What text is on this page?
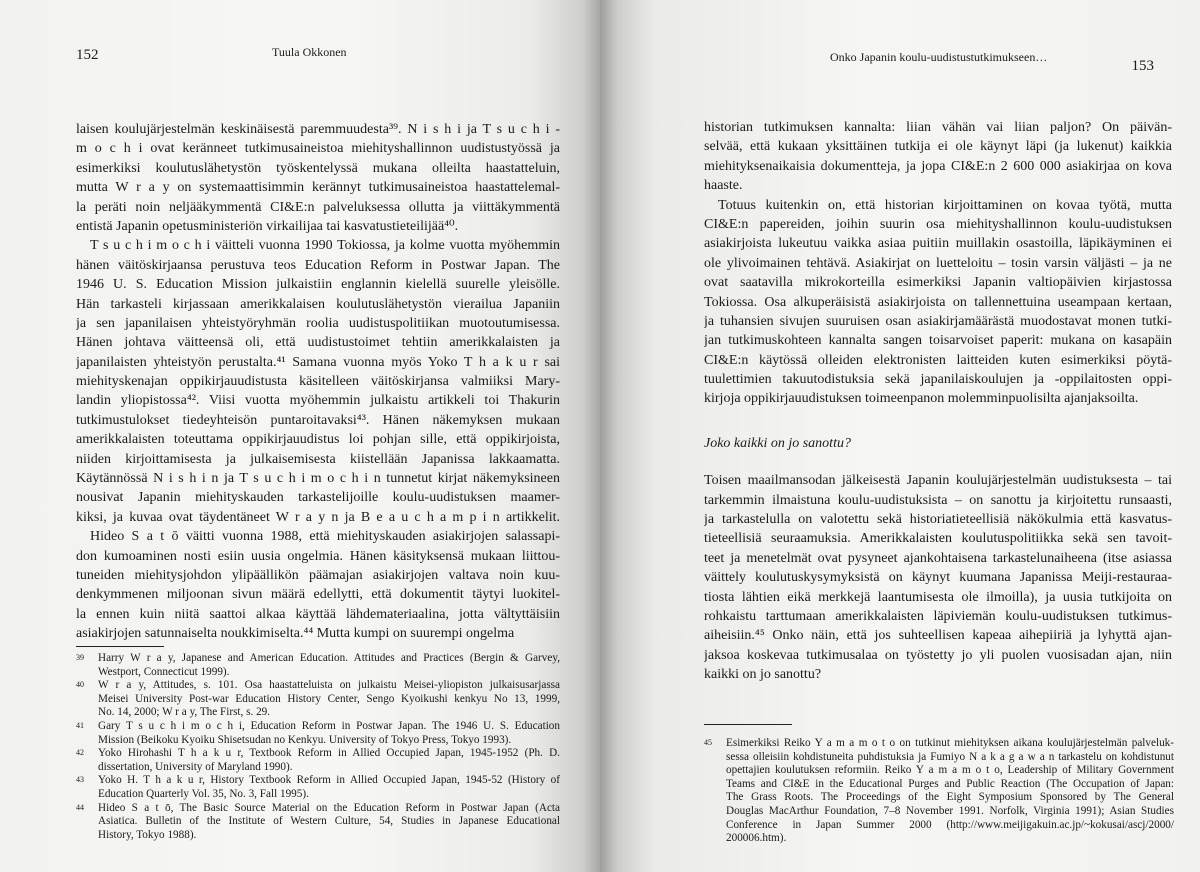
152	Tuula Okkonen
laisen koulujärjestelmän keskinäisestä paremmuudesta³⁹. N i s h i ja T s u c h i -
m o c h i ovat keränneet tutkimusaineistoa miehityshallinnon uudistustyössä ja
esimerkiksi koulutuslähetystön työskentelyssä mukana olleilta haastatteluin,
mutta W r a y on systemaattisimmin kerännyt tutkimusaineistoa haastattelemal-
la peräti noin neljääkymmentä CI&E:n palveluksessa ollutta ja viittäkymmentä
entistä Japanin opetusministeriön virkailijaa tai kasvatustieteilijää⁴⁰.
T s u c h i m o c h i väitteli vuonna 1990 Tokiossa, ja kolme vuotta myöhemmin
hänen väitöskirjaansa perustuva teos Education Reform in Postwar Japan. The
1946 U. S. Education Mission julkaistiin englannin kielellä suurelle yleisölle.
Hän tarkasteli kirjassaan amerikkalaisen koulutuslähetystön vierailua Japaniin
ja sen japanilaisen yhteistyöryhmän roolia uudistuspolitiikan muotoutumisessa.
Hänen johtava väitteensä oli, että uudistustoimet tehtiin amerikkalaisten ja
japanilaisten yhteistyön perustalta.⁴¹ Samana vuonna myös Yoko T h a k u r sai
miehityskenajan oppikirjauudistusta käsitelleen väitöskirjansa valmiiksi Mary-
landin yliopistossa⁴². Viisi vuotta myöhemmin julkaistu artikkeli toi Thakurin
tutkimustulokset tiedeyhteisön puntaroitavaksi⁴³. Hänen näkemyksen mukaan
amerikkalaisten toteuttama oppikirjauudistus loi pohjan sille, että oppikirjoista,
niiden kirjoittamisesta ja julkaisemisesta kiistellään Japanissa lakkaamatta.
Käytännössä N i s h i n ja T s u c h i m o c h i n tunnetut kirjat näkemyksineen
nousivat Japanin miehityskauden tarkastelijoille koulu-uudistuksen maamer-
kiksi, ja kuvaa ovat täydentäneet W r a y n ja B e a u c h a m p i n artikkelit.
Hideo S a t ō väitti vuonna 1988, että miehityskauden asiakirjojen salassapi-
don kumoaminen nosti esiin uusia ongelmia. Hänen käsityksensä mukaan liittou-
tuneiden miehitysjohdon ylipäällikön päämajan asiakirjojen valtava noin kuu-
denkymmenen miljoonan sivun määrä edellytti, että dokumentit täytyi luokitel-
la ennen kuin niitä saattoi alkaa käyttää lähdemateriaalina, jotta vältyttäisiin
asiakirjojen satunnaiselta noukkimiselta.⁴⁴ Mutta kumpi on suurempi ongelma
39	Harry W r a y, Japanese and American Education. Attitudes and Practices (Bergin & Garvey,
Westport, Connecticut 1999).
40	W r a y, Attitudes, s. 101. Osa haastatteluista on julkaistu Meisei-yliopiston julkaisusarjassa
Meisei University Post-war Education History Center, Sengo Kyoikushi kenkyu No 13, 1999,
No. 14, 2000; W r a y, The First, s. 29.
41	Gary T s u c h i m o c h i, Education Reform in Postwar Japan. The 1946 U. S. Education
Mission (Beikoku Kyoiku Shisetsudan no Kenkyu. University of Tokyo Press, Tokyo 1993).
42	Yoko Hirohashi T h a k u r, Textbook Reform in Allied Occupied Japan, 1945-1952 (Ph. D.
dissertation, University of Maryland 1990).
43	Yoko H. T h a k u r, History Textbook Reform in Allied Occupied Japan, 1945-52 (History of
Education Quarterly Vol. 35, No. 3, Fall 1995).
44	Hideo S a t ō, The Basic Source Material on the Education Reform in Postwar Japan (Acta
Asiatica. Bulletin of the Institute of Western Culture, 54, Studies in Japanese Educational
History, Tokyo 1988).
153
Onko Japanin koulu-uudistustutkimukseen…
historian tutkimuksen kannalta: liian vähän vai liian paljon? On päivän-
selvää, että kukaan yksittäinen tutkija ei ole käynyt läpi (ja lukenut) kaikkia
miehityksenaikaisia dokumentteja, ja jopa CI&E:n 2 600 000 asiakirjaa on kova
haaste.
Totuus kuitenkin on, että historian kirjoittaminen on kovaa työtä, mutta
CI&E:n papereiden, joihin suurin osa miehityshallinnon koulu-uudistuksen
asiakirjoista lukeutuu vaikka asiaa puitiin muillakin osastoilla, läpikäyminen ei
ole ylivoimainen tehtävä. Asiakirjat on luetteloitu – tosin varsin väljästi – ja ne
ovat saatavilla mikrokorteilla esimerkiksi Japanin valtiopäivien kirjastossa
Tokiossa. Osa alkuperäisistä asiakirjoista on tallennettuina useampaan kertaan,
ja tuhansien sivujen suuruisen osan asiakirjamäärästä muodostavat monen tutki-
jan tutkimuskohteen kannalta sangen toisarvoiset paperit: mukana on kasapäin
CI&E:n käytössä olleiden elektronisten laitteiden kuten esimerkiksi pöytä-
tuulettimien takuutodistuksia sekä japanilaiskoulujen ja -oppilaitosten oppi-
kirjoja oppikirjauudistuksen toimeenpanon molemminpuolisilta ajanjaksoilta.
Joko kaikki on jo sanottu?
Toisen maailmansodan jälkeisestä Japanin koulujärjestelmän uudistuksesta – tai
tarkemmin ilmaistuna koulu-uudistuksista – on sanottu ja kirjoitettu runsaasti,
ja tarkastelulla on valotettu sekä historiatieteellisiä näkökulmia että kasvatus-
tieteellisiä seuraamuksia. Amerikkalaisten koulutuspolitiikka sekä sen tavoit-
teet ja menetelmät ovat pysyneet ajankohtaisena tarkastelunaiheena (itse asiassa
väittely koulutuskysymyksistä on käynyt kuumana Japanissa Meiji-restauraa-
tiosta lähtien eikä merkkejä laantumisesta ole ilmoilla), ja uusia tutkijoita on
rohkaistu tarttumaan amerikkalaisten läpiviemän koulu-uudistuksen tutkimus-
aiheisiin.⁴⁵ Onko näin, että jos suhteellisen kapeaa aihepiiriä ja lyhyttä ajan-
jaksoa koskevaa tutkimusalaa on työstetty jo yli puolen vuosisadan ajan, niin
kaikki on jo sanottu?
45	Esimerkiksi Reiko Y a m a m o t o on tutkinut miehityksen aikana koulujärjestelmän palveluk-
sessa olleisiin kohdistuneita puhdistuksia ja Fumiyo N a k a g a w a n tarkastelu on kohdistunut
opettajien koulutuksen reformiin. Reiko Y a m a m o t o, Leadership of Military Government
Teams and CI&E in the Educational Purges and Public Reaction (The Occupation of Japan:
The Grass Roots. The Proceedings of the Eight Symposium Sponsored by The General
Douglas MacArthur Foundation, 7–8 November 1991. Norfolk, Virginia 1991); Asian Studies
Conference in Japan Summer 2000 (http://www.meijigakuin.ac.jp/~kokusai/ascj/2000/
200006.htm).
